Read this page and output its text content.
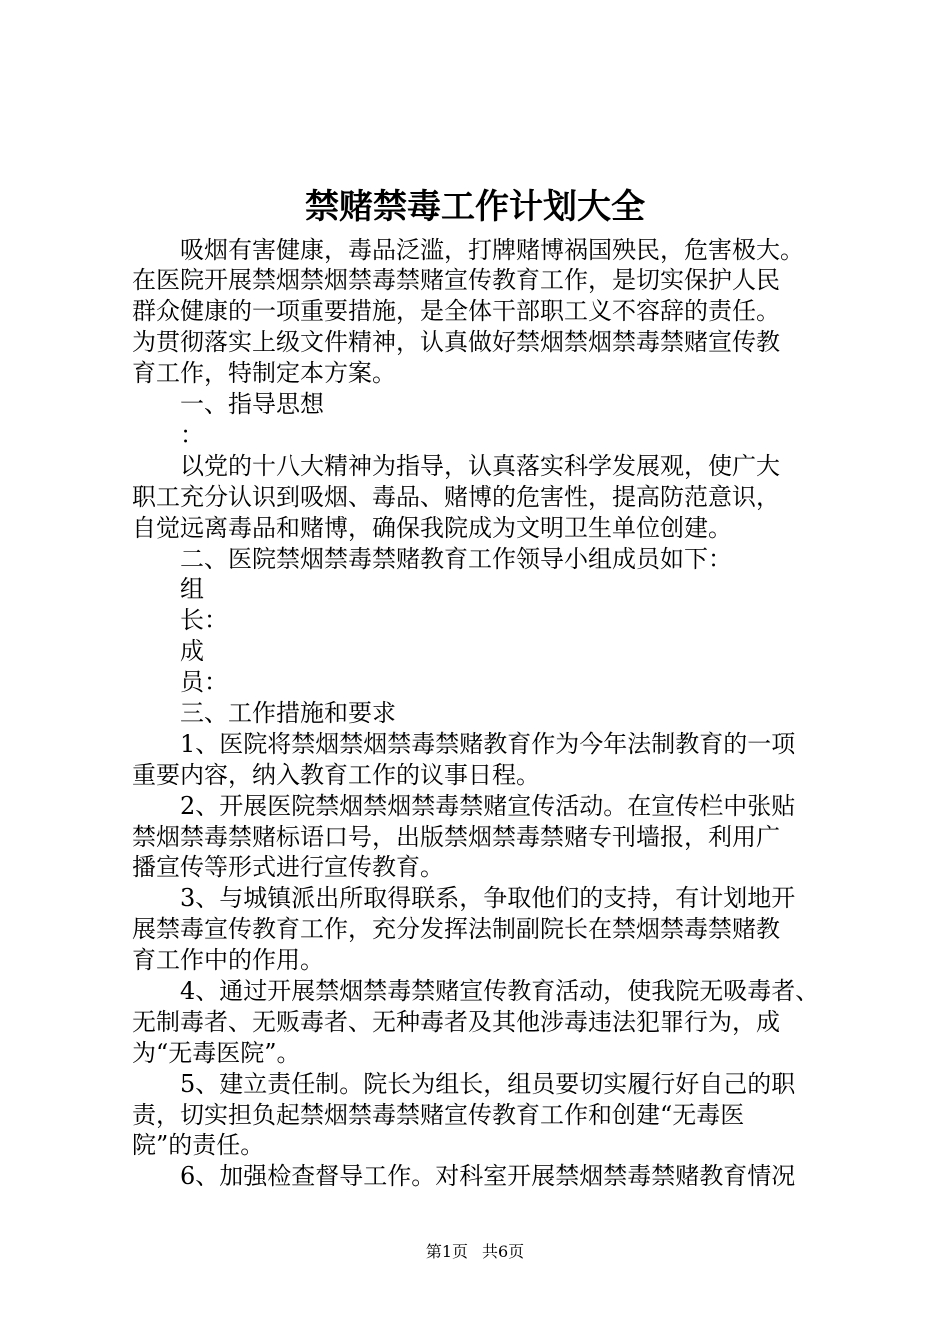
禁赌禁毒工作计划大全
吸烟有害健康，毒品泛滥，打牌赌博祸国殃民，危害极大。
在医院开展禁烟禁烟禁毒禁赌宣传教育工作，是切实保护人民
群众健康的一项重要措施，是全体干部职工义不容辞的责任。
为贯彻落实上级文件精神，认真做好禁烟禁烟禁毒禁赌宣传教
育工作，特制定本方案。
一、指导思想
：
以党的十八大精神为指导，认真落实科学发展观，使广大
职工充分认识到吸烟、毒品、赌博的危害性，提高防范意识，
自觉远离毒品和赌博，确保我院成为文明卫生单位创建。
二、医院禁烟禁毒禁赌教育工作领导小组成员如下：
组
长：
成
员：
三、工作措施和要求
1、医院将禁烟禁烟禁毒禁赌教育作为今年法制教育的一项
重要内容，纳入教育工作的议事日程。
2、开展医院禁烟禁烟禁毒禁赌宣传活动。在宣传栏中张贴
禁烟禁毒禁赌标语口号，出版禁烟禁毒禁赌专刊墙报，利用广
播宣传等形式进行宣传教育。
3、与城镇派出所取得联系，争取他们的支持，有计划地开
展禁毒宣传教育工作，充分发挥法制副院长在禁烟禁毒禁赌教
育工作中的作用。
4、通过开展禁烟禁毒禁赌宣传教育活动，使我院无吸毒者、
无制毒者、无贩毒者、无种毒者及其他涉毒违法犯罪行为，成
为“无毒医院”。
5、建立责任制。院长为组长，组员要切实履行好自己的职
责，切实担负起禁烟禁毒禁赌宣传教育工作和创建“无毒医
院”的责任。
6、加强检查督导工作。对科室开展禁烟禁毒禁赌教育情况
第1页 共6页
